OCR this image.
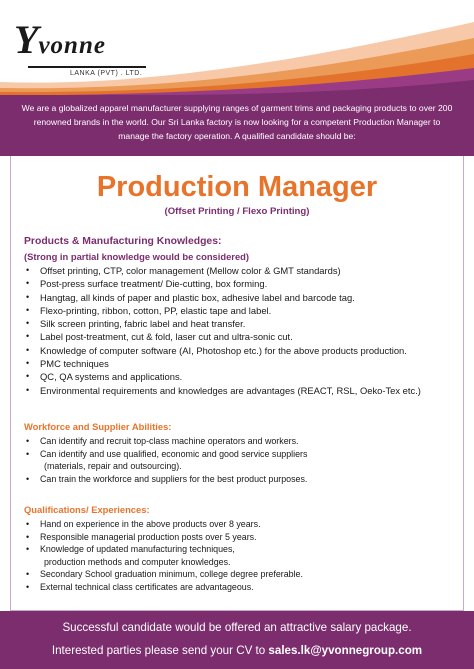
Yvonne
LANKA (PVT) . LTD.
We are a globalized apparel manufacturer supplying ranges of garment trims and packaging products to over 200 renowned brands in the world. Our Sri Lanka factory is now looking for a competent Production Manager to manage the factory operation. A qualified candidate should be:
Production Manager
(Offset Printing / Flexo Printing)
Products & Manufacturing Knowledges:
(Strong in partial knowledge would be considered)
• Offset printing, CTP, color management (Mellow color & GMT standards)
• Post-press surface treatment/ Die-cutting, box forming.
• Hangtag, all kinds of paper and plastic box, adhesive label and barcode tag.
• Flexo-printing, ribbon, cotton, PP, elastic tape and label.
• Silk screen printing, fabric label and heat transfer.
• Label post-treatment, cut & fold, laser cut and ultra-sonic cut.
• Knowledge of computer software (AI, Photoshop etc.) for the above products production.
• PMC techniques
• QC, QA systems and applications.
• Environmental requirements and knowledges are advantages (REACT, RSL, Oeko-Tex etc.)
Workforce and Supplier Abilities:
• Can identify and recruit top-class machine operators and workers.
• Can identify and use qualified, economic and good service suppliers
(materials, repair and outsourcing).
• Can train the workforce and suppliers for the best product purposes.
Qualifications/ Experiences:
• Hand on experience in the above products over 8 years.
• Responsible managerial production posts over 5 years.
• Knowledge of updated manufacturing techniques,
production methods and computer knowledges.
• Secondary School graduation minimum, college degree preferable.
• External technical class certificates are advantageous.
Successful candidate would be offered an attractive salary package.
Interested parties please send your CV to sales.lk@yvonnegroup.com
